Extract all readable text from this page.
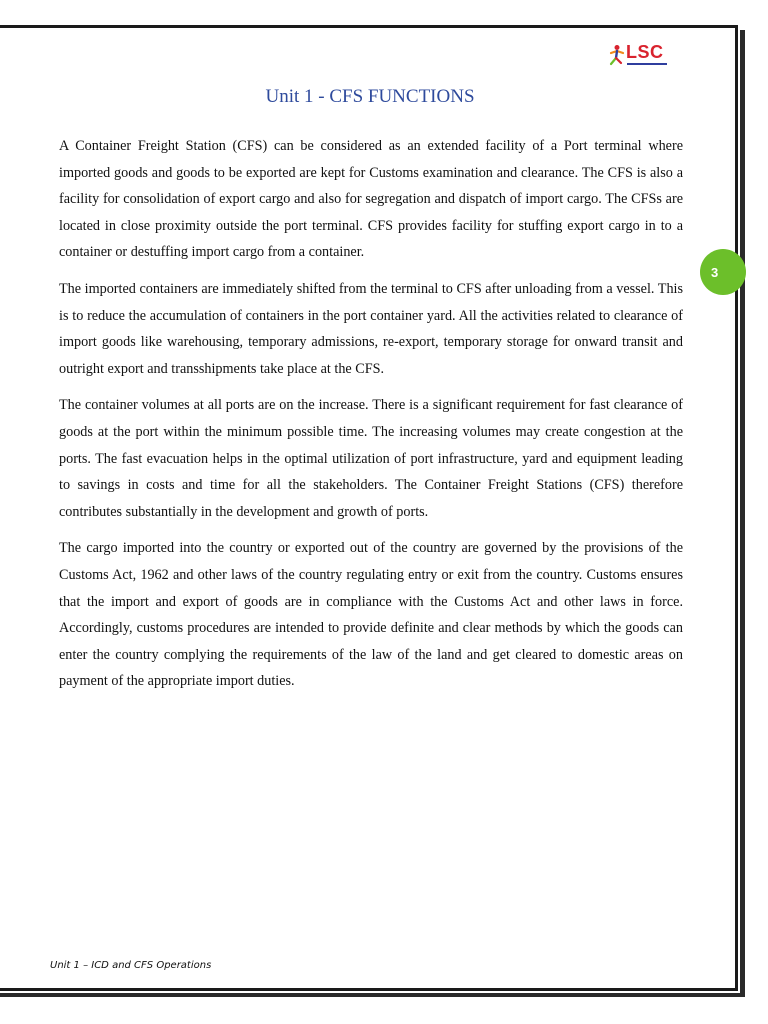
LSC
Unit 1 - CFS FUNCTIONS
3

A Container Freight Station (CFS) can be considered as an extended facility of a Port terminal where imported goods and goods to be exported are kept for Customs examination and clearance. The CFS is also a facility for consolidation of export cargo and also for segregation and dispatch of import cargo. The CFSs are located in close proximity outside the port terminal. CFS provides facility for stuffing export cargo in to a container or destuffing import cargo from a container.

The imported containers are immediately shifted from the terminal to CFS after unloading from a vessel. This is to reduce the accumulation of containers in the port container yard. All the activities related to clearance of import goods like warehousing, temporary admissions, re-export, temporary storage for onward transit and outright export and transshipments take place at the CFS.

The container volumes at all ports are on the increase. There is a significant requirement for fast clearance of goods at the port within the minimum possible time. The increasing volumes may create congestion at the ports. The fast evacuation helps in the optimal utilization of port infrastructure, yard and equipment leading to savings in costs and time for all the stakeholders. The Container Freight Stations (CFS) therefore contributes substantially in the development and growth of ports.

The cargo imported into the country or exported out of the country are governed by the provisions of the Customs Act, 1962 and other laws of the country regulating entry or exit from the country. Customs ensures that the import and export of goods are in compliance with the Customs Act and other laws in force. Accordingly, customs procedures are intended to provide definite and clear methods by which the goods can enter the country complying the requirements of the law of the land and get cleared to domestic areas on payment of the appropriate import duties.

Unit 1 – ICD and CFS Operations
